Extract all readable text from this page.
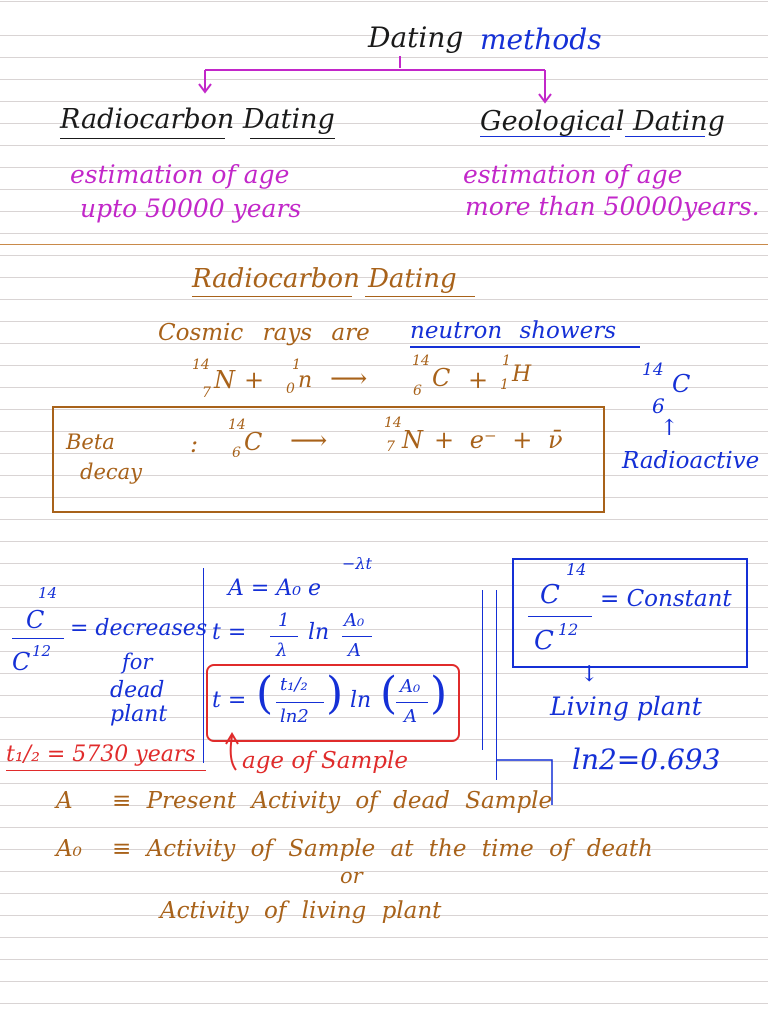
Dating methods
Radiocarbon Dating	Geological Dating
estimation of age
upto 50000 years
estimation of age
more than 50000years.
Radiocarbon Dating
Cosmic rays are neutron showers
14
7 N +
1
0 n ⟶
14
6 C +
1
1 H	14
6
C
↑
Radioactive
Beta
decay
:
14
6 C ⟶
14
7 N + e⁻ + ν̄
14
C
C 12
= decreases
for
dead
plant
−λt
A = A₀ e
t = 1
λ
ln A₀
A
t = ( t₁/₂
ln2 ) ln ( A₀
A )
t₁/₂ = 5730 years age of Sample
14
C
C 12
= Constant
↓
Living plant
ln2=0.693
A ≡ Present Activity of dead Sample
A₀ ≡ Activity of Sample at the time of death
or
Activity of living plant
